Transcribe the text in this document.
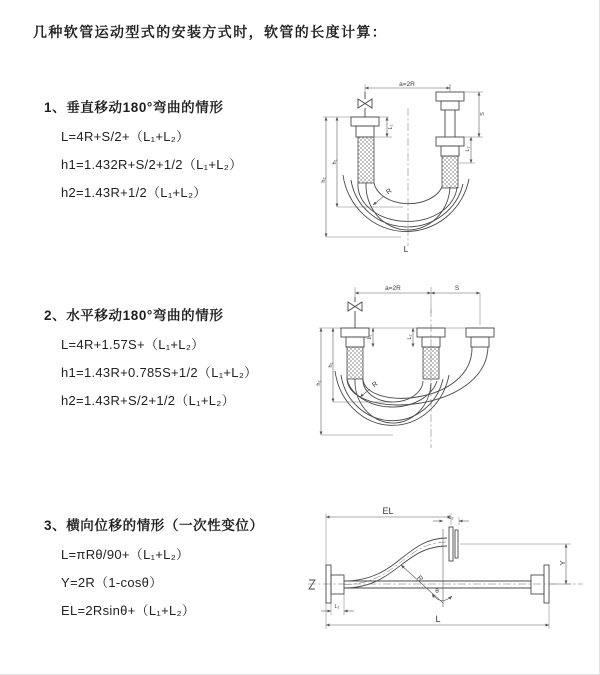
几种软管运动型式的安装方式时，软管的长度计算：
1、垂直移动180°弯曲的情形
L=4R+S/2+（L₁+L₂）
h1=1.432R+S/2+1/2（L₁+L₂）
h2=1.43R+1/2（L₁+L₂）
2、水平移动180°弯曲的情形
L=4R+1.57S+（L₁+L₂）
h1=1.43R+0.785S+1/2（L₁+L₂）
h2=1.43R+S/2+1/2（L₁+L₂）
3、横向位移的情形（一次性变位）
L=πRθ/90+（L₁+L₂）
Y=2R（1-cosθ）
EL=2Rsinθ+（L₁+L₂）
a=2R
L₁
h₁
h₂
S
L₂
R
L
a=2R	S
L₁	L₂
h₁
h₂	R
EL
L₂
Y
L₁
L
R
θ
